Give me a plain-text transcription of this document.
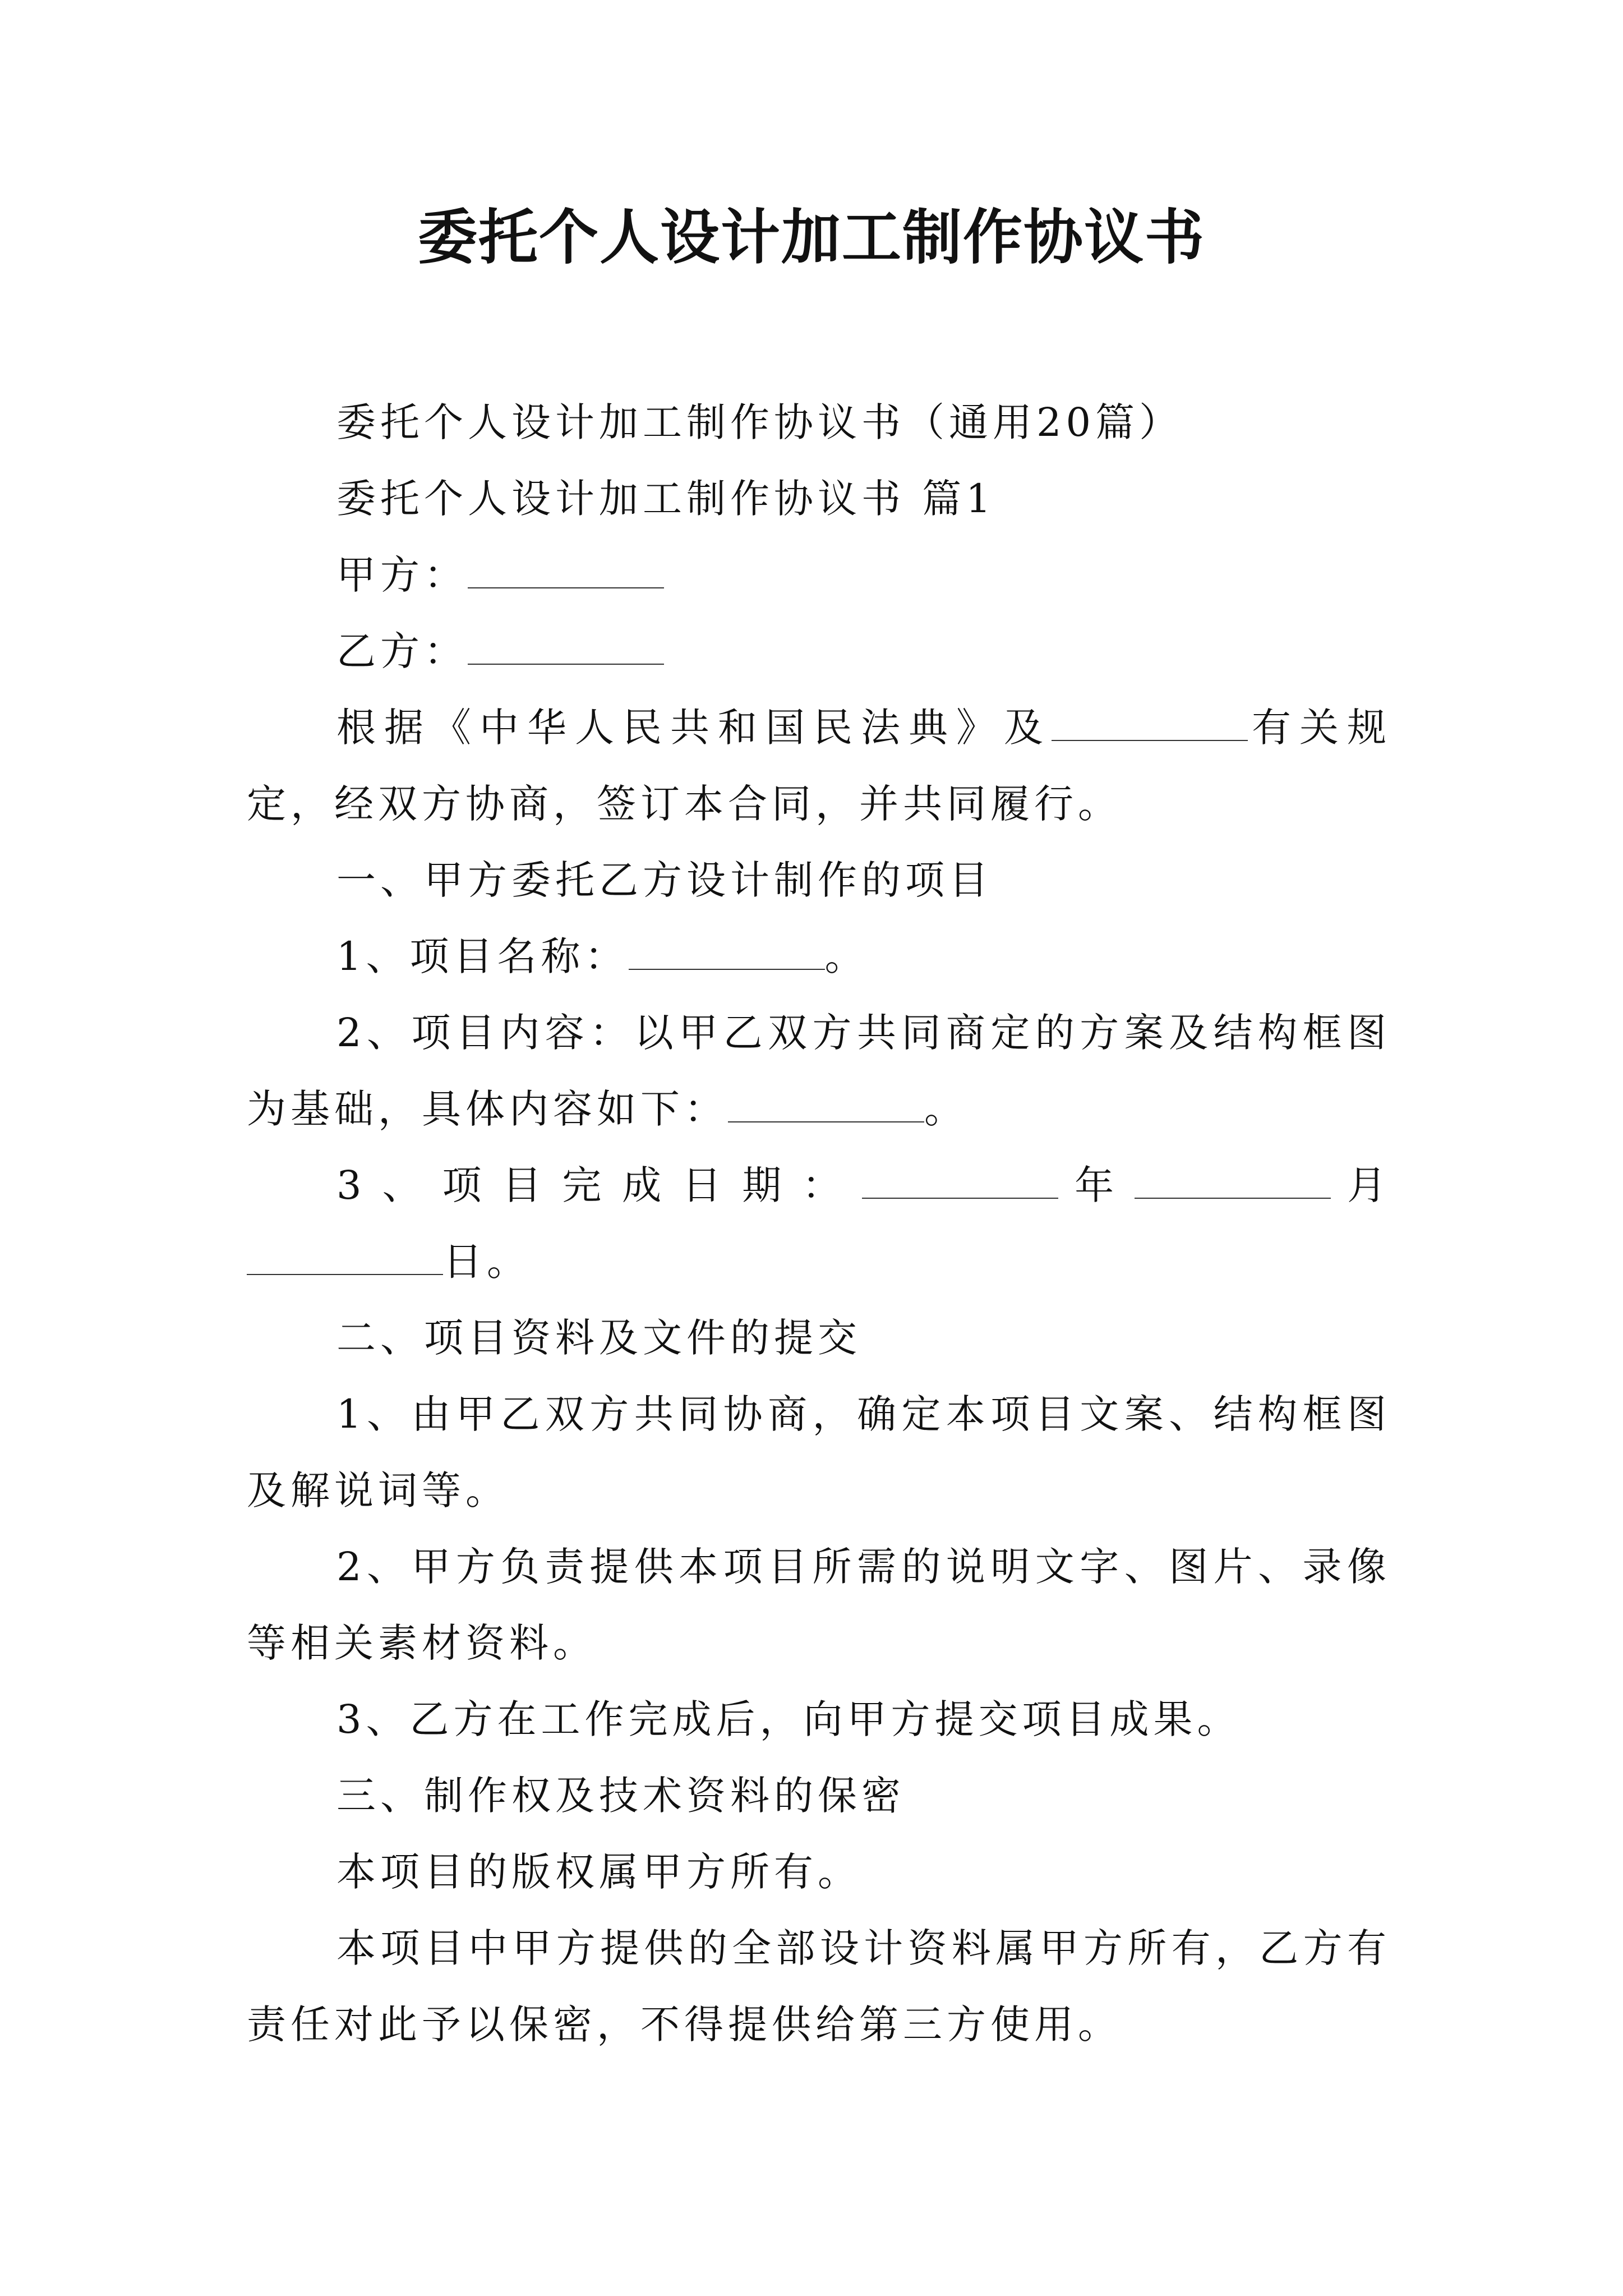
委托个人设计加工制作协议书

委托个人设计加工制作协议书（通用20篇）

委托个人设计加工制作协议书 篇1

甲方：

乙方：

根据《中华人民共和国民法典》及	有关规定，经双方协商，签订本合同，并共同履行。

一、甲方委托乙方设计制作的项目

1、项目名称：	。

2、项目内容：以甲乙双方共同商定的方案及结构框图为基础，具体内容如下：	。

3、项目完成日期：	年	月日。

二、项目资料及文件的提交

1、由甲乙双方共同协商，确定本项目文案、结构框图及解说词等。

2、甲方负责提供本项目所需的说明文字、图片、录像等相关素材资料。

3、乙方在工作完成后，向甲方提交项目成果。

三、制作权及技术资料的保密

本项目的版权属甲方所有。

本项目中甲方提供的全部设计资料属甲方所有，乙方有责任对此予以保密，不得提供给第三方使用。
